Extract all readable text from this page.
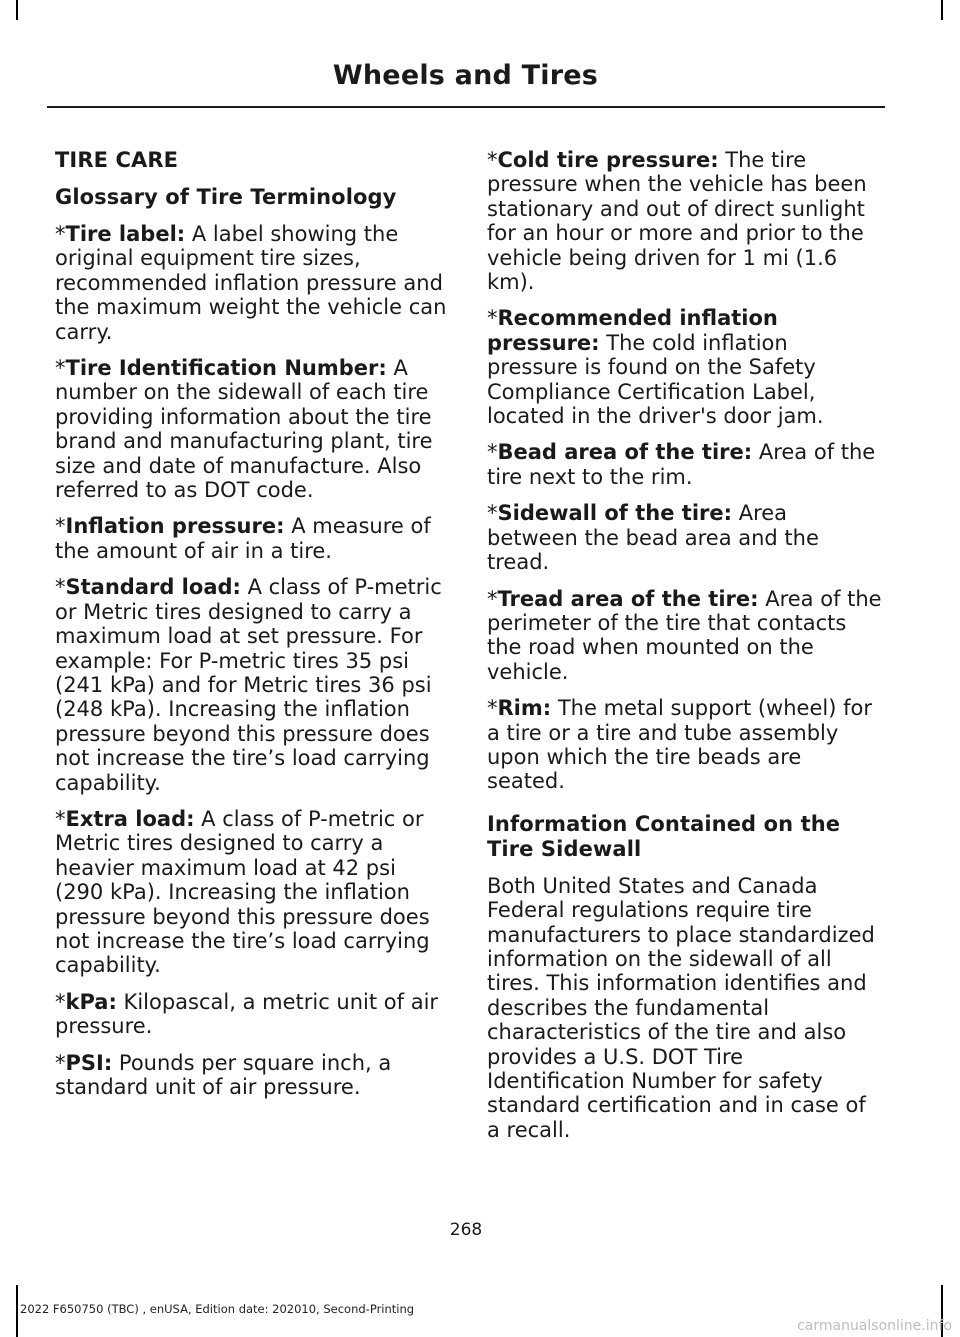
Wheels and Tires

TIRE CARE

Glossary of Tire Terminology

*Tire label: A label showing the original equipment tire sizes, recommended inflation pressure and the maximum weight the vehicle can carry.

*Tire Identification Number: A number on the sidewall of each tire providing information about the tire brand and manufacturing plant, tire size and date of manufacture. Also referred to as DOT code.

*Inflation pressure: A measure of the amount of air in a tire.

*Standard load: A class of P-metric or Metric tires designed to carry a maximum load at set pressure. For example: For P-metric tires 35 psi (241 kPa) and for Metric tires 36 psi (248 kPa). Increasing the inflation pressure beyond this pressure does not increase the tire’s load carrying capability.

*Extra load: A class of P-metric or Metric tires designed to carry a heavier maximum load at 42 psi (290 kPa). Increasing the inflation pressure beyond this pressure does not increase the tire’s load carrying capability.

*kPa: Kilopascal, a metric unit of air pressure.

*PSI: Pounds per square inch, a standard unit of air pressure.

*Cold tire pressure: The tire pressure when the vehicle has been stationary and out of direct sunlight for an hour or more and prior to the vehicle being driven for 1 mi (1.6 km).

*Recommended inflation pressure: The cold inflation pressure is found on the Safety Compliance Certification Label, located in the driver's door jam.

*Bead area of the tire: Area of the tire next to the rim.

*Sidewall of the tire: Area between the bead area and the tread.

*Tread area of the tire: Area of the perimeter of the tire that contacts the road when mounted on the vehicle.

*Rim: The metal support (wheel) for a tire or a tire and tube assembly upon which the tire beads are seated.

Information Contained on the Tire Sidewall

Both United States and Canada Federal regulations require tire manufacturers to place standardized information on the sidewall of all tires. This information identifies and describes the fundamental characteristics of the tire and also provides a U.S. DOT Tire Identification Number for safety standard certification and in case of a recall.

268

2022 F650750 (TBC) , enUSA, Edition date: 202010, Second-Printing

carmanualsonline.info
